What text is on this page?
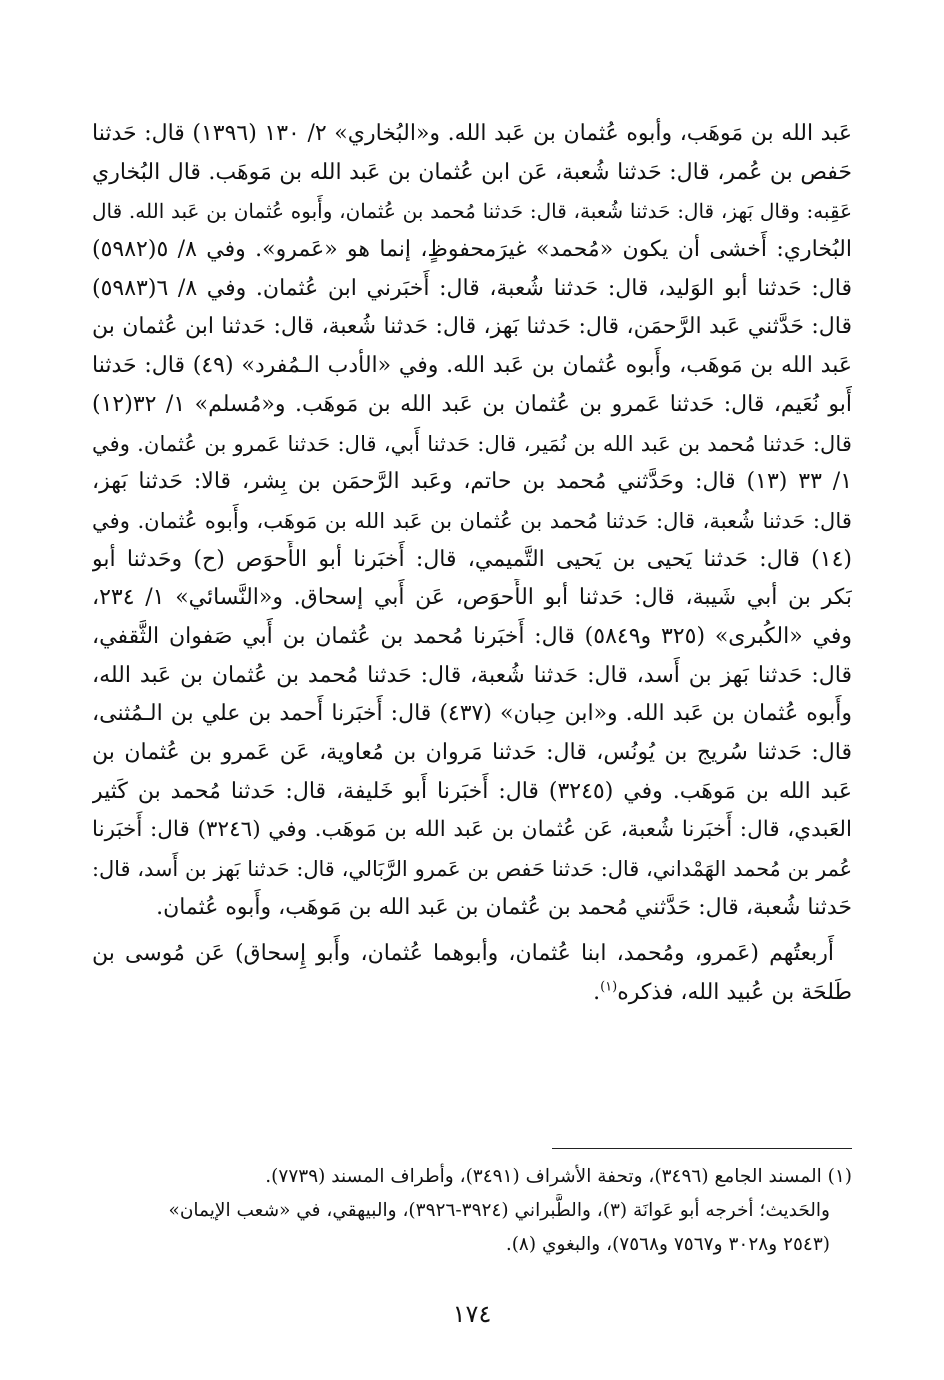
عَبد الله بن مَوهَب، وأبوه عُثمان بن عَبد الله. و«البُخاري» ٢/ ١٣٠ (١٣٩٦) قال: حَدثنا
حَفص بن عُمر، قال: حَدثنا شُعبة، عَن ابن عُثمان بن عَبد الله بن مَوهَب. قال البُخاري
عَقِبه: وقال بَهز، قال: حَدثنا شُعبة، قال: حَدثنا مُحمد بن عُثمان، وأَبوه عُثمان بن عَبد الله. قال
البُخاري: أَخشى أن يكون «مُحمد» غيرَمحفوظٍ، إنما هو «عَمرو». وفي ٨/ ٥(٥٩٨٢)
قال: حَدثنا أبو الوَليد، قال: حَدثنا شُعبة، قال: أَخبَرني ابن عُثمان. وفي ٨/ ٦(٥٩٨٣)
قال: حَدَّثني عَبد الرَّحمَن، قال: حَدثنا بَهز، قال: حَدثنا شُعبة، قال: حَدثنا ابن عُثمان بن
عَبد الله بن مَوهَب، وأَبوه عُثمان بن عَبد الله. وفي «الأدب الـمُفرد» (٤٩) قال: حَدثنا
أَبو نُعَيم، قال: حَدثنا عَمرو بن عُثمان بن عَبد الله بن مَوهَب. و«مُسلم» ١/ ٣٢(١٢)
قال: حَدثنا مُحمد بن عَبد الله بن نُمَير، قال: حَدثنا أَبي، قال: حَدثنا عَمرو بن عُثمان. وفي
١/ ٣٣ (١٣) قال: وحَدَّثني مُحمد بن حاتم، وعَبد الرَّحمَن بن بِشر، قالا: حَدثنا بَهز،
قال: حَدثنا شُعبة، قال: حَدثنا مُحمد بن عُثمان بن عَبد الله بن مَوهَب، وأَبوه عُثمان. وفي
(١٤) قال: حَدثنا يَحيى بن يَحيى التَّميمي، قال: أَخبَرنا أبو الأَحوَص (ح) وحَدثنا أبو
بَكر بن أبي شَيبة، قال: حَدثنا أبو الأَحوَص، عَن أَبي إسحاق. و«النَّسائي» ١/ ٢٣٤،
وفي «الكُبرى» (٣٢٥ و٥٨٤٩) قال: أَخبَرنا مُحمد بن عُثمان بن أَبي صَفوان الثَّقفي،
قال: حَدثنا بَهز بن أَسد، قال: حَدثنا شُعبة، قال: حَدثنا مُحمد بن عُثمان بن عَبد الله،
وأَبوه عُثمان بن عَبد الله. و«ابن حِبان» (٤٣٧) قال: أَخبَرنا أَحمد بن علي بن الـمُثنى،
قال: حَدثنا سُريج بن يُونُس، قال: حَدثنا مَروان بن مُعاوية، عَن عَمرو بن عُثمان بن
عَبد الله بن مَوهَب. وفي (٣٢٤٥) قال: أَخبَرنا أَبو خَليفة، قال: حَدثنا مُحمد بن كَثير
العَبدي، قال: أَخبَرنا شُعبة، عَن عُثمان بن عَبد الله بن مَوهَب. وفي (٣٢٤٦) قال: أَخبَرنا
عُمر بن مُحمد الهَمْداني، قال: حَدثنا حَفص بن عَمرو الرَّبَالي، قال: حَدثنا بَهز بن أَسد، قال:
حَدثنا شُعبة، قال: حَدَّثني مُحمد بن عُثمان بن عَبد الله بن مَوهَب، وأَبوه عُثمان.
أَربعتُهم (عَمرو، ومُحمد، ابنا عُثمان، وأبوهما عُثمان، وأَبو إِسحاق) عَن مُوسى بن
طَلحَة بن عُبيد الله، فذكره$^{(١)}$.
(١) المسند الجامع (٣٤٩٦)، وتحفة الأشراف (٣٤٩١)، وأطراف المسند (٧٧٣٩).
والحَديث؛ أخرجه أبو عَوانَة (٣)، والطَّبراني (٣٩٢٤-٣٩٢٦)، والبيهقي، في «شعب الإيمان»
(٢٥٤٣ و٣٠٢٨ و٧٥٦٧ و٧٥٦٨)، والبغوي (٨).
١٧٤
